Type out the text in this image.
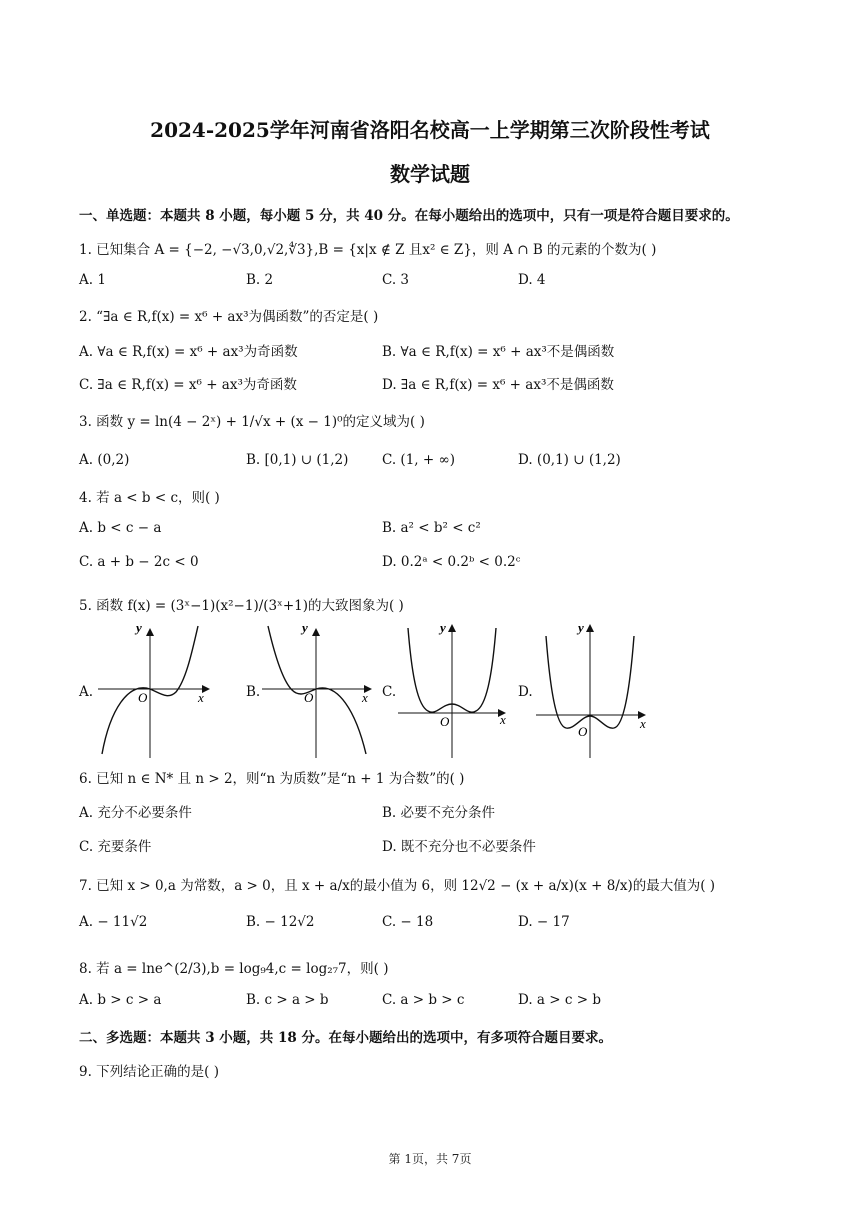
2024-2025学年河南省洛阳名校高一上学期第三次阶段性考试
数学试题
一、单选题：本题共 8 小题，每小题 5 分，共 40 分。在每小题给出的选项中，只有一项是符合题目要求的。
1. 已知集合 A = {−2, −√3,0,√2,∜3},B = {x|x ∉ Z 且x² ∈ Z}，则 A ∩ B 的元素的个数为( )
A. 1	B. 2	C. 3	D. 4
2. “∃a ∈ R,f(x) = x⁶ + ax³为偶函数”的否定是( )
A. ∀a ∈ R,f(x) = x⁶ + ax³为奇函数	B. ∀a ∈ R,f(x) = x⁶ + ax³不是偶函数
C. ∃a ∈ R,f(x) = x⁶ + ax³为奇函数	D. ∃a ∈ R,f(x) = x⁶ + ax³不是偶函数
3. 函数 y = ln(4 − 2ˣ) + 1/√x + (x − 1)⁰的定义域为( )
A. (0,2)	B. [0,1) ∪ (1,2) C. (1, + ∞)	D. (0,1) ∪ (1,2)
4. 若 a < b < c，则( )
A. b < c − a	B. a² < b² < c²
C. a + b − 2c < 0	D. 0.2ᵃ < 0.2ᵇ < 0.2ᶜ
5. 函数 f(x) = (3ˣ−1)(x²−1)/(3ˣ+1)的大致图象为( )
A.
y
x
O	B.
y
x
O	C.
y
x
O
D.
y
x
O
6. 已知 n ∈ N* 且 n > 2，则“n 为质数”是“n + 1 为合数”的( )
A. 充分不必要条件	B. 必要不充分条件
C. 充要条件	D. 既不充分也不必要条件
7. 已知 x > 0,a 为常数，a > 0，且 x + a/x的最小值为 6，则 12√2 − (x + a/x)(x + 8/x)的最大值为( )
A. − 11√2	B. − 12√2	C. − 18	D. − 17
8. 若 a = lne^(2/3),b = log₉4,c = log₂₇7，则( )
A. b > c > a	B. c > a > b	C. a > b > c	D. a > c > b
二、多选题：本题共 3 小题，共 18 分。在每小题给出的选项中，有多项符合题目要求。
9. 下列结论正确的是( )
第 1页，共 7页
